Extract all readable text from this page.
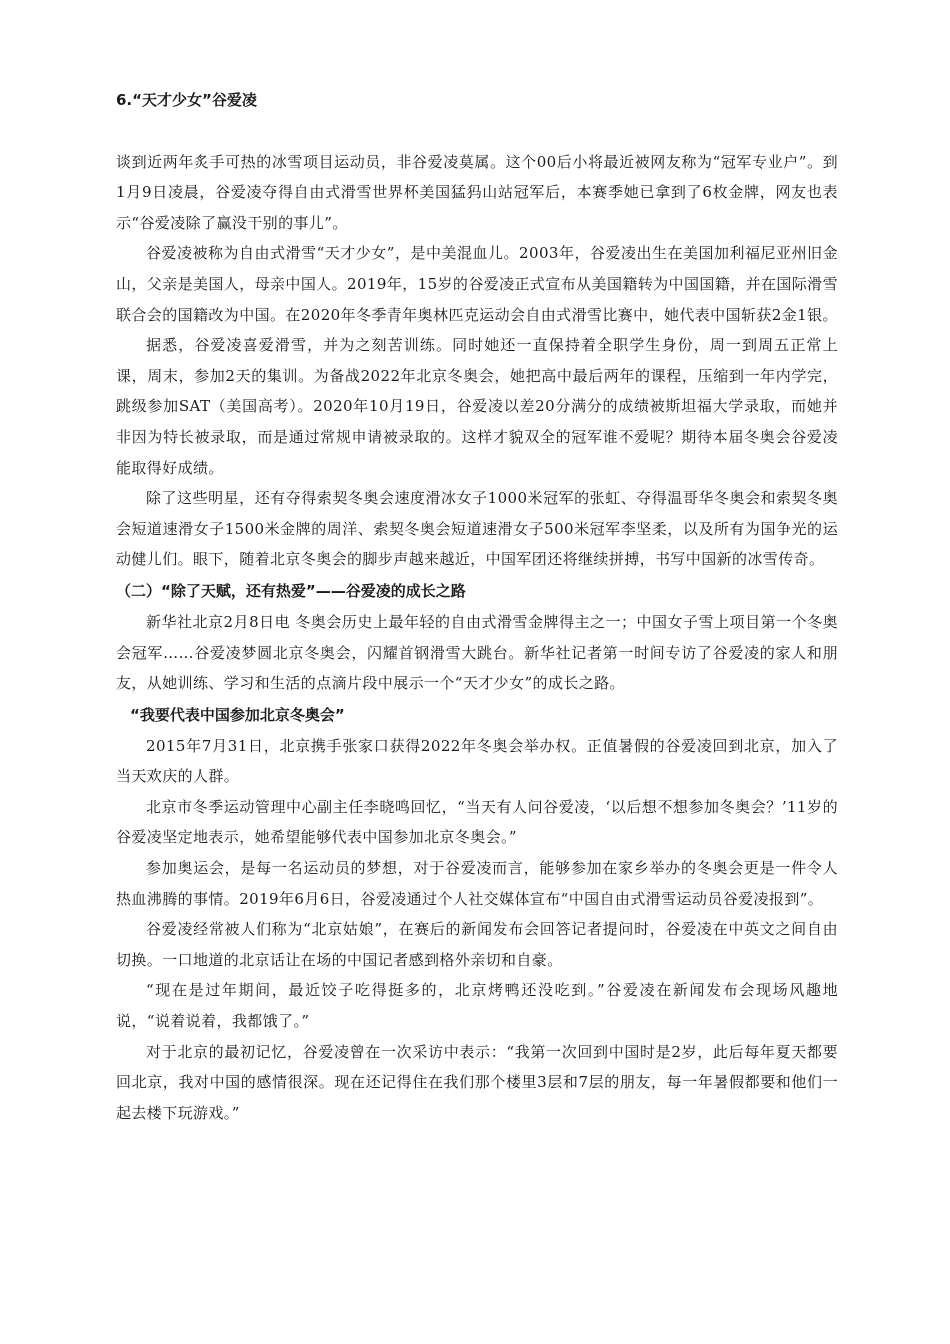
6.“天才少女”谷爱凌

谈到近两年炙手可热的冰雪项目运动员，非谷爱凌莫属。这个00后小将最近被网友称为“冠军专业户”。到1月9日凌晨，谷爱凌夺得自由式滑雪世界杯美国猛犸山站冠军后，本赛季她已拿到了6枚金牌，网友也表示“谷爱凌除了赢没干别的事儿”。

谷爱凌被称为自由式滑雪“天才少女”，是中美混血儿。2003年，谷爱凌出生在美国加利福尼亚州旧金山，父亲是美国人，母亲中国人。2019年，15岁的谷爱凌正式宣布从美国籍转为中国国籍，并在国际滑雪联合会的国籍改为中国。在2020年冬季青年奥林匹克运动会自由式滑雪比赛中，她代表中国斩获2金1银。

据悉，谷爱凌喜爱滑雪，并为之刻苦训练。同时她还一直保持着全职学生身份，周一到周五正常上课，周末，参加2天的集训。为备战2022年北京冬奥会，她把高中最后两年的课程，压缩到一年内学完，跳级参加SAT（美国高考）。2020年10月19日，谷爱凌以差20分满分的成绩被斯坦福大学录取，而她并非因为特长被录取，而是通过常规申请被录取的。这样才貌双全的冠军谁不爱呢？期待本届冬奥会谷爱凌能取得好成绩。

除了这些明星，还有夺得索契冬奥会速度滑冰女子1000米冠军的张虹、夺得温哥华冬奥会和索契冬奥会短道速滑女子1500米金牌的周洋、索契冬奥会短道速滑女子500米冠军李坚柔，以及所有为国争光的运动健儿们。眼下，随着北京冬奥会的脚步声越来越近，中国军团还将继续拼搏，书写中国新的冰雪传奇。

（二）“除了天赋，还有热爱”——谷爱凌的成长之路

新华社北京2月8日电 冬奥会历史上最年轻的自由式滑雪金牌得主之一；中国女子雪上项目第一个冬奥会冠军……谷爱凌梦圆北京冬奥会，闪耀首钢滑雪大跳台。新华社记者第一时间专访了谷爱凌的家人和朋友，从她训练、学习和生活的点滴片段中展示一个“天才少女”的成长之路。

“我要代表中国参加北京冬奥会”

2015年7月31日，北京携手张家口获得2022年冬奥会举办权。正值暑假的谷爱凌回到北京，加入了当天欢庆的人群。

北京市冬季运动管理中心副主任李晓鸣回忆，“当天有人问谷爱凌，‘以后想不想参加冬奥会？’11岁的谷爱凌坚定地表示，她希望能够代表中国参加北京冬奥会。”

参加奥运会，是每一名运动员的梦想，对于谷爱凌而言，能够参加在家乡举办的冬奥会更是一件令人热血沸腾的事情。2019年6月6日，谷爱凌通过个人社交媒体宣布“中国自由式滑雪运动员谷爱凌报到”。

谷爱凌经常被人们称为“北京姑娘”，在赛后的新闻发布会回答记者提问时，谷爱凌在中英文之间自由切换。一口地道的北京话让在场的中国记者感到格外亲切和自豪。

“现在是过年期间，最近饺子吃得挺多的，北京烤鸭还没吃到。”谷爱凌在新闻发布会现场风趣地说，“说着说着，我都饿了。”

对于北京的最初记忆，谷爱凌曾在一次采访中表示：“我第一次回到中国时是2岁，此后每年夏天都要回北京，我对中国的感情很深。现在还记得住在我们那个楼里3层和7层的朋友，每一年暑假都要和他们一起去楼下玩游戏。”
